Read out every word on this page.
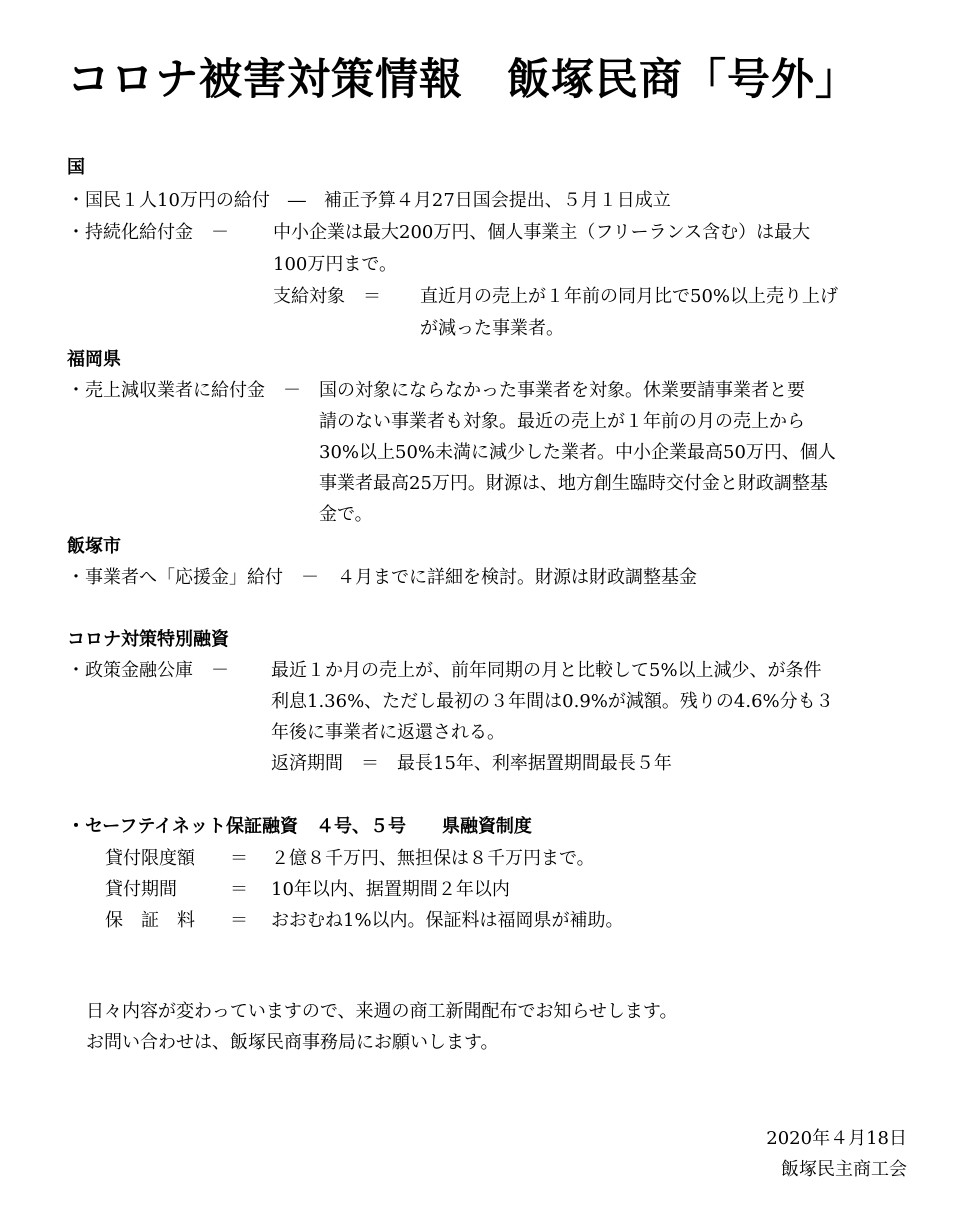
コロナ被害対策情報　飯塚民商「号外」
国
・国民１人10万円の給付　―　補正予算４月27日国会提出、５月１日成立
・持続化給付金　－ 中小企業は最大200万円、個人事業主（フリーランス含む）は最大
100万円まで。
支給対象　＝ 直近月の売上が１年前の同月比で50%以上売り上げ
が減った事業者。
福岡県
・売上減収業者に給付金　－ 国の対象にならなかった事業者を対象。休業要請事業者と要
請のない事業者も対象。最近の売上が１年前の月の売上から
30%以上50%未満に減少した業者。中小企業最高50万円、個人
事業者最高25万円。財源は、地方創生臨時交付金と財政調整基
金で。
飯塚市
・事業者へ「応援金」給付　－　４月までに詳細を検討。財源は財政調整基金
コロナ対策特別融資
・政策金融公庫　－ 最近１か月の売上が、前年同期の月と比較して5%以上減少、が条件
利息1.36%、ただし最初の３年間は0.9%が減額。残りの4.6%分も３
年後に事業者に返還される。
返済期間　＝　最長15年、利率据置期間最長５年
・セーフテイネット保証融資　４号、５号　　県融資制度
貸付限度額 ＝ ２億８千万円、無担保は８千万円まで。
貸付期間	＝ 10年以内、据置期間２年以内
保　証　料 ＝ おおむね1%以内。保証料は福岡県が補助。
日々内容が変わっていますので、来週の商工新聞配布でお知らせします。
お問い合わせは、飯塚民商事務局にお願いします。
2020年４月18日
飯塚民主商工会
